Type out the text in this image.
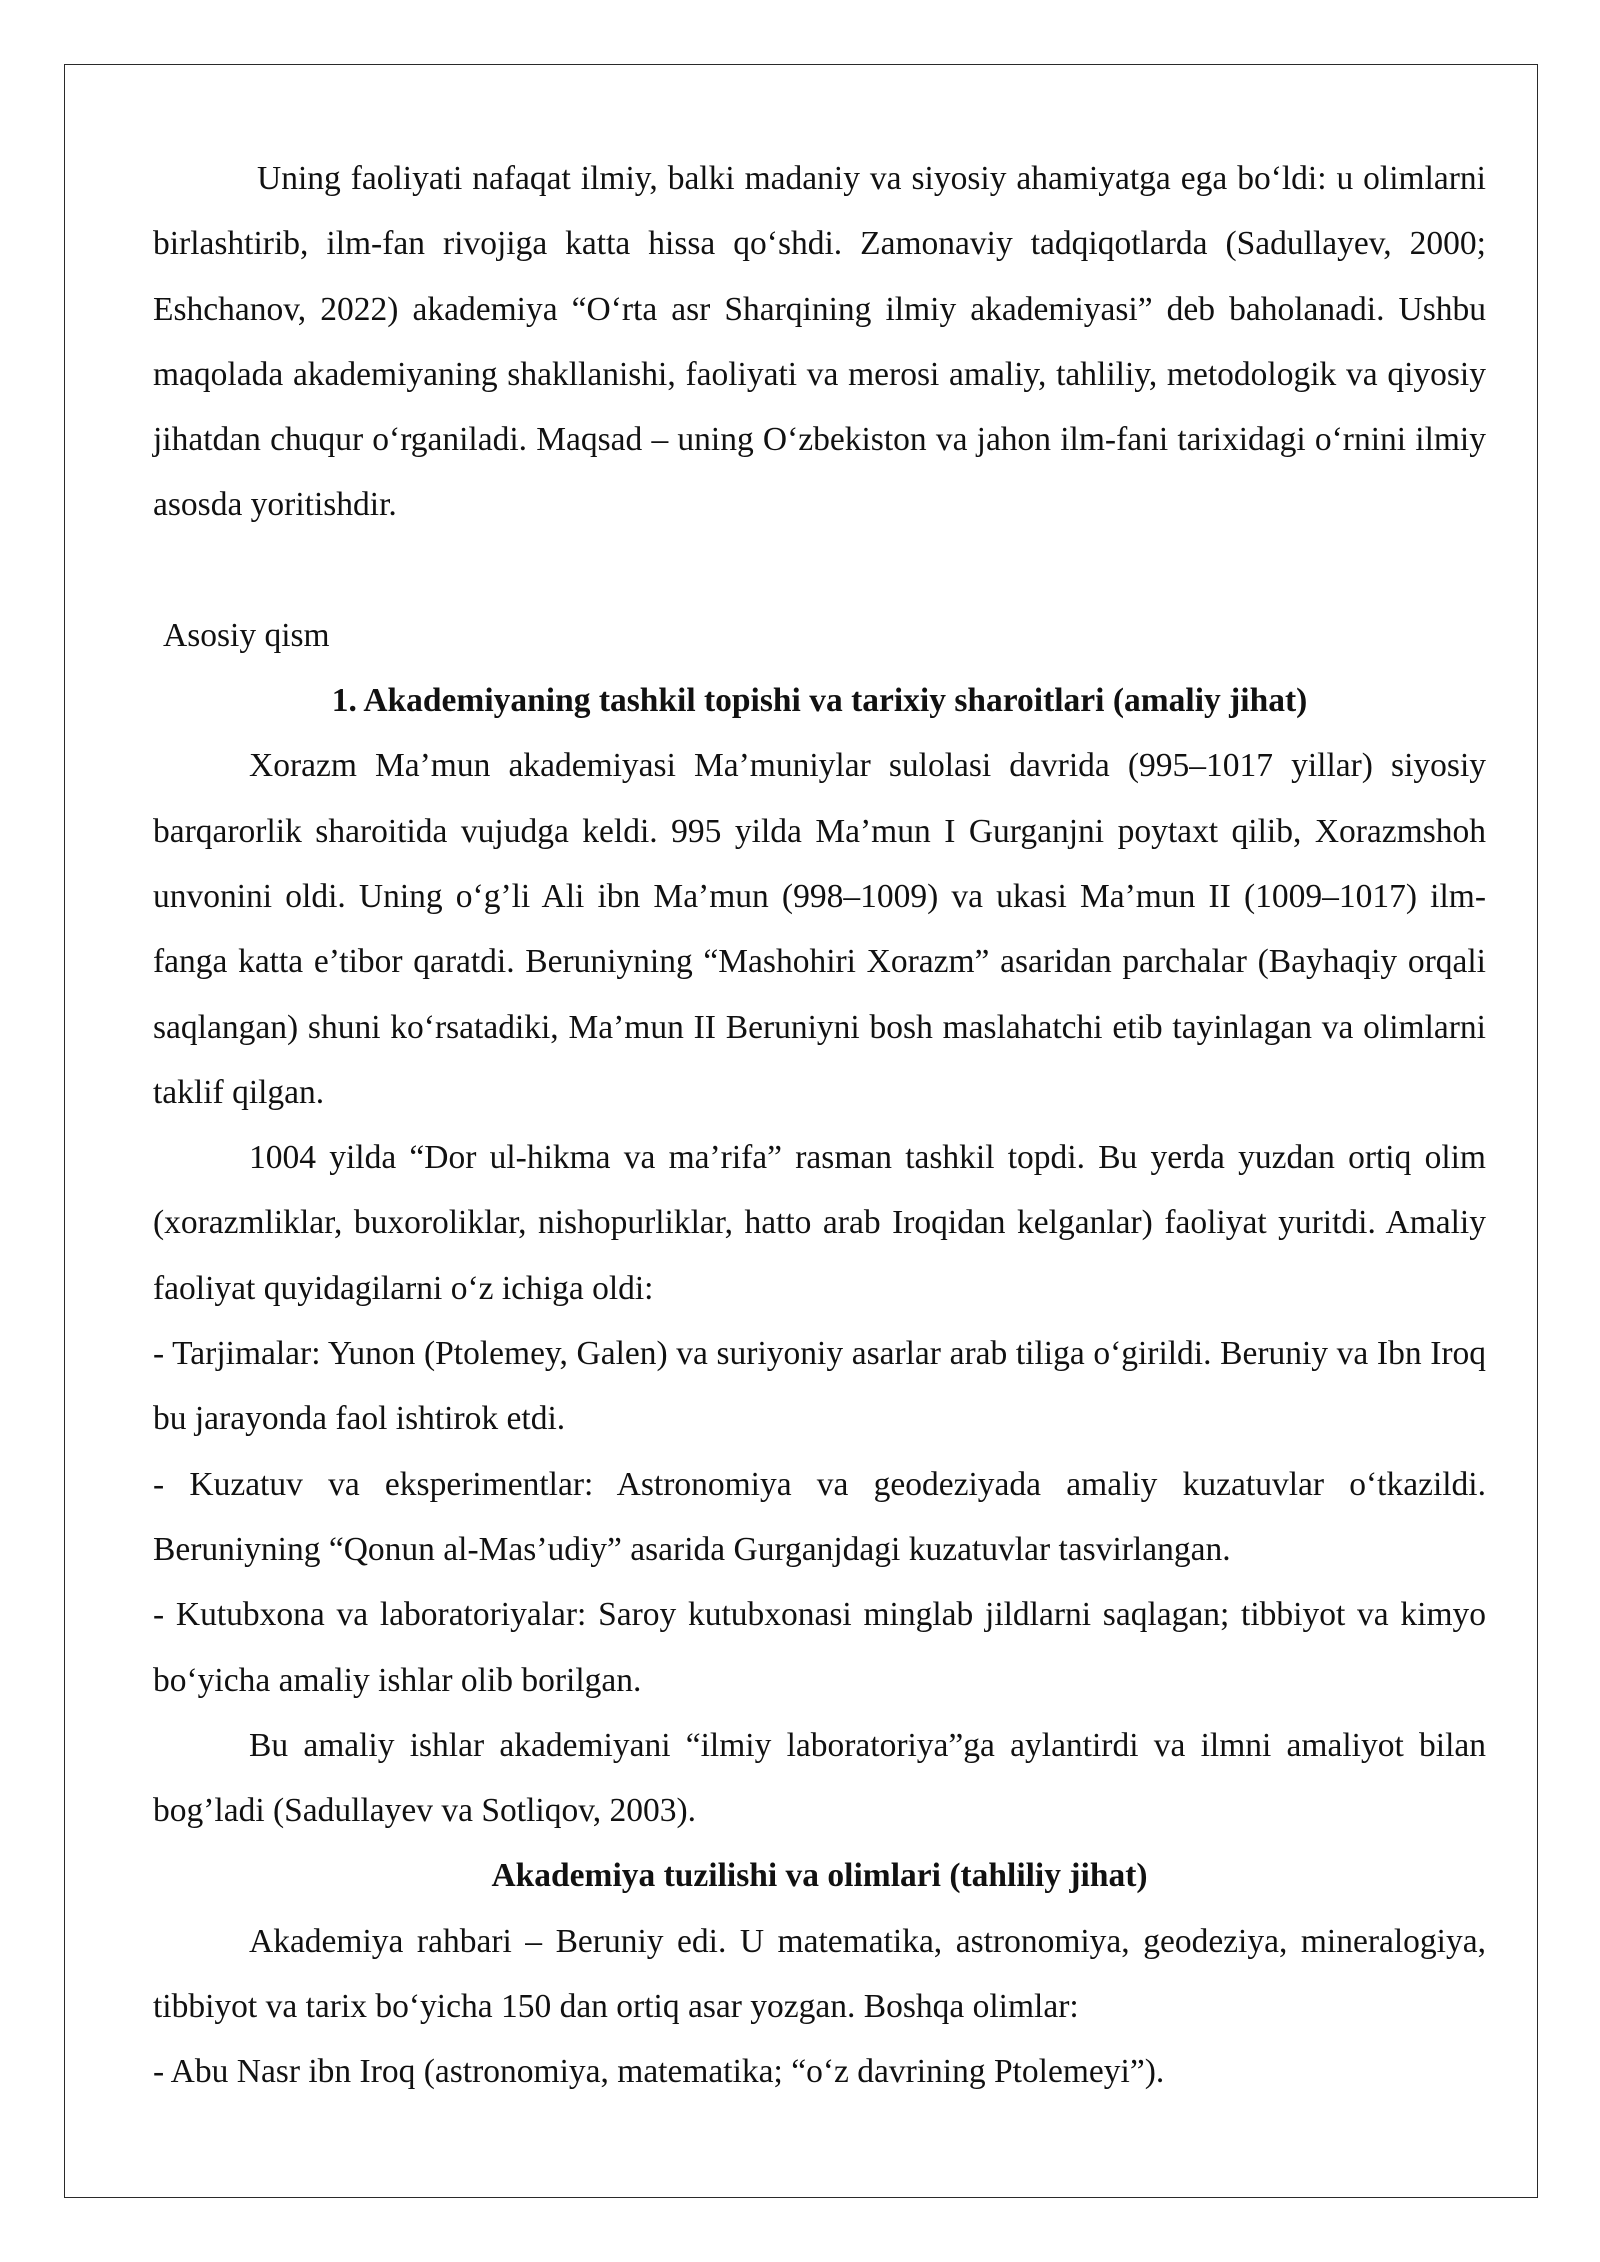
Uning faoliyati nafaqat ilmiy, balki madaniy va siyosiy ahamiyatga ega bo‘ldi: u olimlarni birlashtirib, ilm-fan rivojiga katta hissa qo‘shdi. Zamonaviy tadqiqotlarda (Sadullayev, 2000; Eshchanov, 2022) akademiya “O‘rta asr Sharqining ilmiy akademiyasi” deb baholanadi. Ushbu maqolada akademiyaning shakllanishi, faoliyati va merosi amaliy, tahliliy, metodologik va qiyosiy jihatdan chuqur o‘rganiladi. Maqsad – uning O‘zbekiston va jahon ilm-fani tarixidagi o‘rnini ilmiy asosda yoritishdir.

Asosiy qism

1. Akademiyaning tashkil topishi va tarixiy sharoitlari (amaliy jihat)

Xorazm Ma’mun akademiyasi Ma’muniylar sulolasi davrida (995–1017 yillar) siyosiy barqarorlik sharoitida vujudga keldi. 995 yilda Ma’mun I Gurganjni poytaxt qilib, Xorazmshoh unvonini oldi. Uning o‘g’li Ali ibn Ma’mun (998–1009) va ukasi Ma’mun II (1009–1017) ilm-fanga katta e’tibor qaratdi. Beruniyning “Mashohiri Xorazm” asaridan parchalar (Bayhaqiy orqali saqlangan) shuni ko‘rsatadiki, Ma’mun II Beruniyni bosh maslahatchi etib tayinlagan va olimlarni taklif qilgan.

1004 yilda “Dor ul-hikma va ma’rifa” rasman tashkil topdi. Bu yerda yuzdan ortiq olim (xorazmliklar, buxoroliklar, nishopurliklar, hatto arab Iroqidan kelganlar) faoliyat yuritdi. Amaliy faoliyat quyidagilarni o‘z ichiga oldi:

- Tarjimalar: Yunon (Ptolemey, Galen) va suriyoniy asarlar arab tiliga o‘girildi. Beruniy va Ibn Iroq bu jarayonda faol ishtirok etdi.

- Kuzatuv va eksperimentlar: Astronomiya va geodeziyada amaliy kuzatuvlar o‘tkazildi. Beruniyning “Qonun al-Mas’udiy” asarida Gurganjdagi kuzatuvlar tasvirlangan.

- Kutubxona va laboratoriyalar: Saroy kutubxonasi minglab jildlarni saqlagan; tibbiyot va kimyo bo‘yicha amaliy ishlar olib borilgan.

Bu amaliy ishlar akademiyani “ilmiy laboratoriya”ga aylantirdi va ilmni amaliyot bilan bog’ladi (Sadullayev va Sotliqov, 2003).

Akademiya tuzilishi va olimlari (tahliliy jihat)

Akademiya rahbari – Beruniy edi. U matematika, astronomiya, geodeziya, mineralogiya, tibbiyot va tarix bo‘yicha 150 dan ortiq asar yozgan. Boshqa olimlar:

- Abu Nasr ibn Iroq (astronomiya, matematika; “o‘z davrining Ptolemeyi”).
